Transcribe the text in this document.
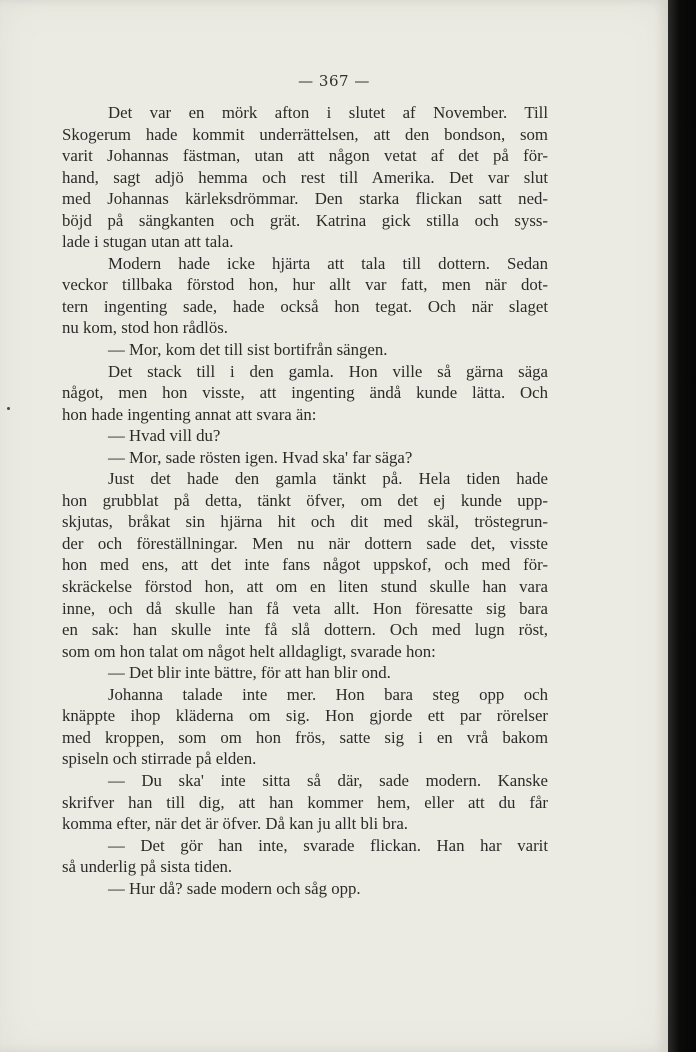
— 367 —
Det var en mörk afton i slutet af November. Till
Skogerum hade kommit underrättelsen, att den bondson, som
varit Johannas fästman, utan att någon vetat af det på för-
hand, sagt adjö hemma och rest till Amerika. Det var slut
med Johannas kärleksdrömmar. Den starka flickan satt ned-
böjd på sängkanten och grät. Katrina gick stilla och syss-
lade i stugan utan att tala.
Modern hade icke hjärta att tala till dottern. Sedan
veckor tillbaka förstod hon, hur allt var fatt, men när dot-
tern ingenting sade, hade också hon tegat. Och när slaget
nu kom, stod hon rådlös.
— Mor, kom det till sist bortifrån sängen.
Det stack till i den gamla. Hon ville så gärna säga
något, men hon visste, att ingenting ändå kunde lätta. Och
hon hade ingenting annat att svara än:
— Hvad vill du?
— Mor, sade rösten igen. Hvad ska' far säga?
Just det hade den gamla tänkt på. Hela tiden hade
hon grubblat på detta, tänkt öfver, om det ej kunde upp-
skjutas, bråkat sin hjärna hit och dit med skäl, tröstegrun-
der och föreställningar. Men nu när dottern sade det, visste
hon med ens, att det inte fans något uppskof, och med för-
skräckelse förstod hon, att om en liten stund skulle han vara
inne, och då skulle han få veta allt. Hon föresatte sig bara
en sak: han skulle inte få slå dottern. Och med lugn röst,
som om hon talat om något helt alldagligt, svarade hon:
— Det blir inte bättre, för att han blir ond.
Johanna talade inte mer. Hon bara steg opp och
knäppte ihop kläderna om sig. Hon gjorde ett par rörelser
med kroppen, som om hon frös, satte sig i en vrå bakom
spiseln och stirrade på elden.
— Du ska' inte sitta så där, sade modern. Kanske
skrifver han till dig, att han kommer hem, eller att du får
komma efter, när det är öfver. Då kan ju allt bli bra.
— Det gör han inte, svarade flickan. Han har varit
så underlig på sista tiden.
— Hur då? sade modern och såg opp.
